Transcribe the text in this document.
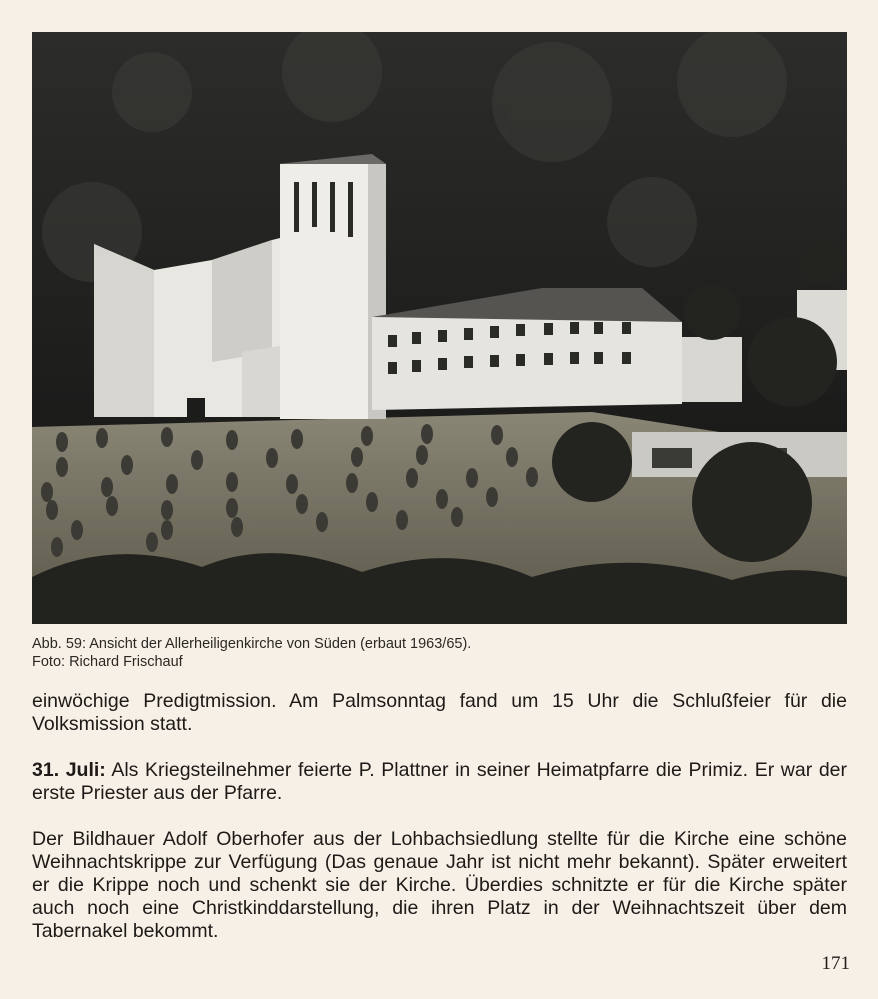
Abb. 59: Ansicht der Allerheiligenkirche von Süden (erbaut 1963/65).
Foto: Richard Frischauf

einwöchige Predigtmission. Am Palmsonntag fand um 15 Uhr die Schlußfeier für die Volksmission statt.

31. Juli: Als Kriegsteilnehmer feierte P. Plattner in seiner Heimatpfarre die Primiz. Er war der erste Priester aus der Pfarre.

Der Bildhauer Adolf Oberhofer aus der Lohbachsiedlung stellte für die Kirche eine schöne Weihnachtskrippe zur Verfügung (Das genaue Jahr ist nicht mehr bekannt). Später erweitert er die Krippe noch und schenkt sie der Kirche. Überdies schnitzte er für die Kirche später auch noch eine Christkinddarstellung, die ihren Platz in der Weihnachtszeit über dem Tabernakel bekommt.

171
